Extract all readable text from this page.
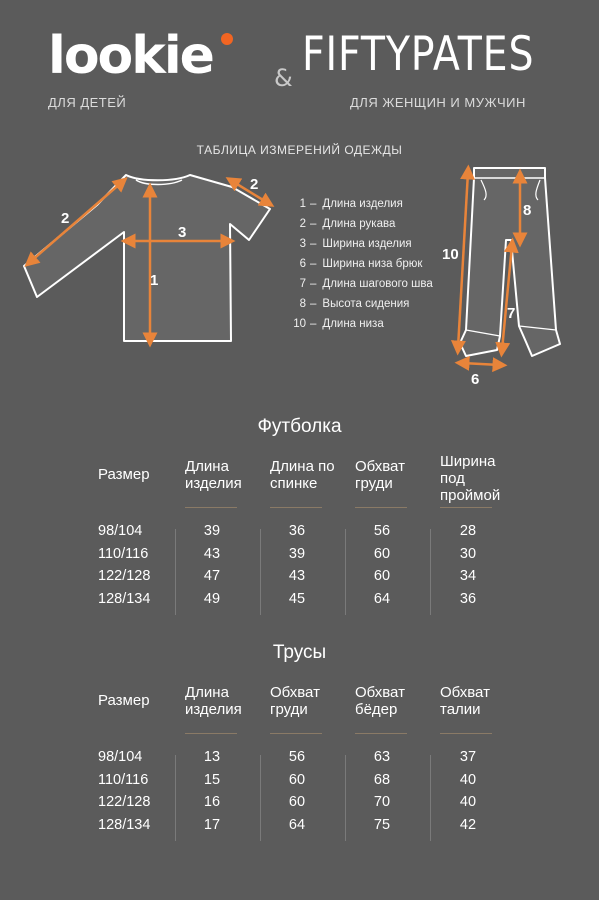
lookie	& FIFTYPATES
ДЛЯ ДЕТЕЙ	ДЛЯ ЖЕНЩИН И МУЖЧИН
ТАБЛИЦА ИЗМЕРЕНИЙ ОДЕЖДЫ
2
2
3
1
10
8
7
6
1 – Длина изделия
2 – Длина рукава
3 – Ширина изделия
6 – Ширина низа брюк
7 – Длина шагового шва
8 – Высота сидения
10 – Длина низа
Футболка
Размер Длина
изделия
Длина по
спинке
Обхват
груди
Ширина
под
проймой
98/104
110/116
122/128
128/134
39
43
47
49
36
39
43
45
56
60
60
64
28
30
34
36
Трусы
Размер Длина
изделия
Обхват
груди
Обхват
бёдер
Обхват
талии
98/104
110/116
122/128
128/134
13
15
16
17
56
60
60
64
63
68
70
75
37
40
40
42
